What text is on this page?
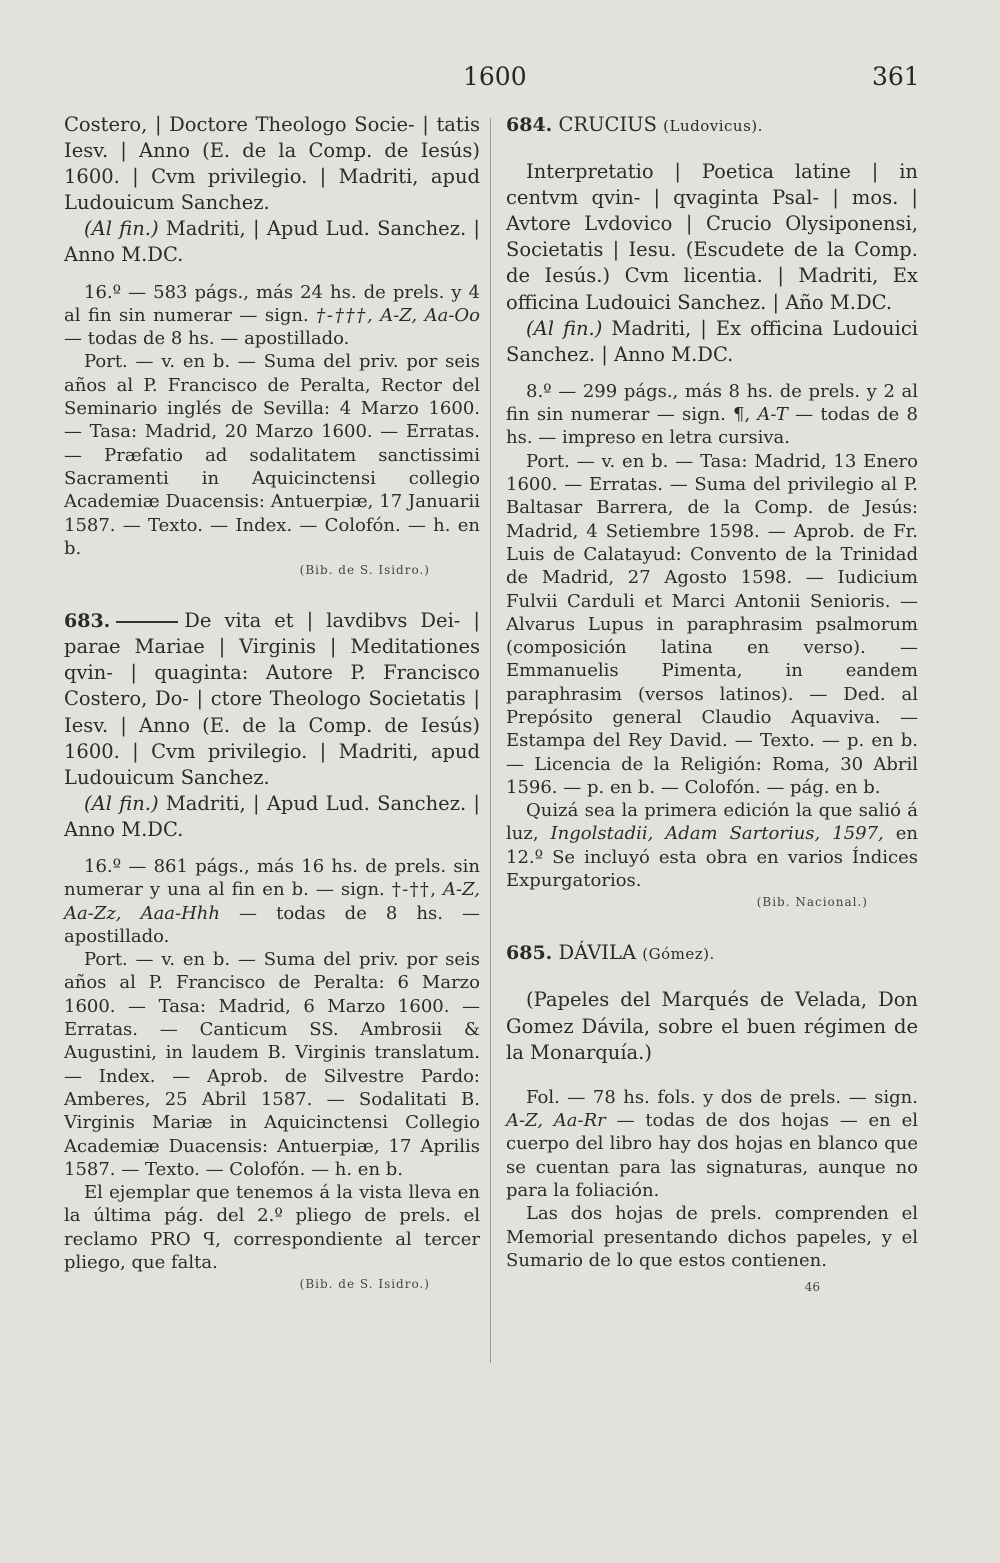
1600	361

Costero, | Doctore Theologo Socie- | tatis Iesv. | Anno (E. de la Comp. de Iesús) 1600. | Cvm privilegio. | Madriti, apud Ludouicum Sanchez.

(Al fin.) Madriti, | Apud Lud. Sanchez. | Anno M.DC.

16.º — 583 págs., más 24 hs. de prels. y 4 al fin sin numerar — sign. †-†††, A-Z, Aa-Oo — todas de 8 hs. — apostillado.

Port. — v. en b. — Suma del priv. por seis años al P. Francisco de Peralta, Rector del Seminario inglés de Sevilla: 4 Marzo 1600. — Tasa: Madrid, 20 Marzo 1600. — Erratas. — Præfatio ad sodalitatem sanctissimi Sacramenti in Aquicinctensi collegio Academiæ Duacensis: Antuerpiæ, 17 Januarii 1587. — Texto. — Index. — Colofón. — h. en b.

(Bib. de S. Isidro.)

683.	De vita et | lavdibvs Dei- | parae Mariae | Virginis | Meditationes qvin- | quaginta: Autore P. Francisco Costero, Do- | ctore Theologo Societatis | Iesv. | Anno (E. de la Comp. de Iesús) 1600. | Cvm privilegio. | Madriti, apud Ludouicum Sanchez.

(Al fin.) Madriti, | Apud Lud. Sanchez. | Anno M.DC.

16.º — 861 págs., más 16 hs. de prels. sin numerar y una al fin en b. — sign. †-††, A-Z, Aa-Zz, Aaa-Hhh — todas de 8 hs. — apostillado.

Port. — v. en b. — Suma del priv. por seis años al P. Francisco de Peralta: 6 Marzo 1600. — Tasa: Madrid, 6 Marzo 1600. — Erratas. — Canticum SS. Ambrosii & Augustini, in laudem B. Virginis translatum. — Index. — Aprob. de Silvestre Pardo: Amberes, 25 Abril 1587. — Sodalitati B. Virginis Mariæ in Aquicinctensi Collegio Academiæ Duacensis: Antuerpiæ, 17 Aprilis 1587. — Texto. — Colofón. — h. en b.

El ejemplar que tenemos á la vista lleva en la última pág. del 2.º pliego de prels. el reclamo PRO ꟼ, correspondiente al tercer pliego, que falta.

(Bib. de S. Isidro.)

684. CRUCIUS (Ludovicus).

Interpretatio | Poetica latine | in centvm qvin- | qvaginta Psal- | mos. | Avtore Lvdovico | Crucio Olysiponensi, Societatis | Iesu. (Escudete de la Comp. de Iesús.) Cvm licentia. | Madriti, Ex officina Ludouici Sanchez. | Año M.DC.

(Al fin.) Madriti, | Ex officina Ludouici Sanchez. | Anno M.DC.

8.º — 299 págs., más 8 hs. de prels. y 2 al fin sin numerar — sign. ¶, A-T — todas de 8 hs. — impreso en letra cursiva.

Port. — v. en b. — Tasa: Madrid, 13 Enero 1600. — Erratas. — Suma del privilegio al P. Baltasar Barrera, de la Comp. de Jesús: Madrid, 4 Setiembre 1598. — Aprob. de Fr. Luis de Calatayud: Convento de la Trinidad de Madrid, 27 Agosto 1598. — Iudicium Fulvii Carduli et Marci Antonii Senioris. — Alvarus Lupus in paraphrasim psalmorum (composición latina en verso). — Emmanuelis Pimenta, in eandem paraphrasim (versos latinos). — Ded. al Prepósito general Claudio Aquaviva. — Estampa del Rey David. — Texto. — p. en b. — Licencia de la Religión: Roma, 30 Abril 1596. — p. en b. — Colofón. — pág. en b.

Quizá sea la primera edición la que salió á luz, Ingolstadii, Adam Sartorius, 1597, en 12.º Se incluyó esta obra en varios Índices Expurgatorios.

(Bib. Nacional.)

685. DÁVILA (Gómez).

(Papeles del Marqués de Velada, Don Gomez Dávila, sobre el buen régimen de la Monarquía.)

Fol. — 78 hs. fols. y dos de prels. — sign. A-Z, Aa-Rr — todas de dos hojas — en el cuerpo del libro hay dos hojas en blanco que se cuentan para las signaturas, aunque no para la foliación.

Las dos hojas de prels. comprenden el Memorial presentando dichos papeles, y el Sumario de lo que estos contienen.

46
